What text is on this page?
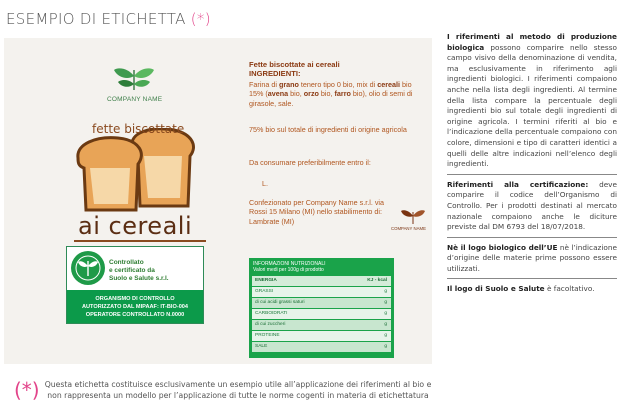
ESEMPIO DI ETICHETTA (*)
COMPANY NAME
fette biscottate
ai cereali
Controllato
e certificato da
Suolo e Salute s.r.l.
ORGANISMO DI CONTROLLO
AUTORIZZATO DAL MIPAAF: IT-BIO-004
OPERATORE CONTROLLATO N.0000
Fette biscottate ai cereali
INGREDIENTI:
Farina di grano tenero tipo 0 bio, mix di cereali bio 15% (avena bio, orzo bio, farro bio), olio di semi di girasole, sale.
75% bio sul totale di ingredienti di origine agricola
Da consumare preferibilmente entro il:
L.
Confezionato per Company Name s.r.l. via Rossi 15 Milano (MI) nello stabilimento di: Lambrate (MI)
COMPANY NAME
INFORMAZIONI NUTRIZIONALI
Valori medi per 100g di prodotto
ENERGIA	KJ - kcal
GRASSI	g
di cui acidi grassi saturi	g
CARBOIDRATI	g
di cui zuccheri	g
PROTEINE	g
SALE	g

I riferimenti al metodo di produzione biologica possono comparire nello stesso campo visivo della denominazione di vendita, ma esclusivamente in riferimento agli ingredienti biologici. I riferimenti compaiono anche nella lista degli ingredienti. Al termine della lista compare la percentuale degli ingredienti bio sul totale degli ingredienti di origine agricola. I termini riferiti al bio e l’indicazione della percentuale compaiono con colore, dimensioni e tipo di caratteri identici a quelli delle altre indicazioni nell’elenco degli ingredienti.

Riferimenti alla certificazione: deve comparire il codice dell’Organismo di Controllo. Per i prodotti destinati al mercato nazionale compaiono anche le diciture previste dal DM 6793 del 18/07/2018.

Nè il logo biologico dell’UE nè l’indicazione d’origine delle materie prime possono essere utilizzati.

Il logo di Suolo e Salute è facoltativo.

(*) Questa etichetta costituisce esclusivamente un esempio utile all’applicazione dei riferimenti al bio e non rappresenta un modello per l’applicazione di tutte le norme cogenti in materia di etichettatura
